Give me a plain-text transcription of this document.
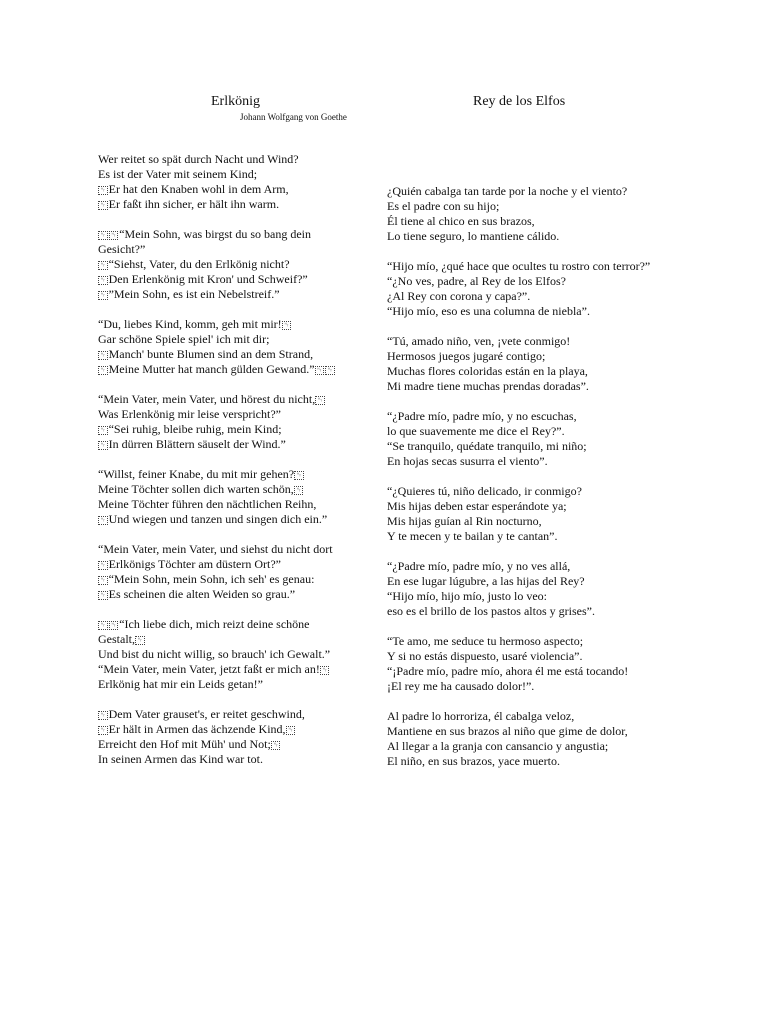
Erlkönig
Johann Wolfgang von Goethe
Rey de los Elfos
Wer reitet so spät durch Nacht und Wind?
Es ist der Vater mit seinem Kind;
␉ Er hat den Knaben wohl in dem Arm,
␉ Er faßt ihn sicher, er hält ihn warm.
␉ ␉ “Mein Sohn, was birgst du so bang dein
Gesicht?”
␉ “Siehst, Vater, du den Erlkönig nicht?
␉ Den Erlenkönig mit Kron' und Schweif?”
␉ ”Mein Sohn, es ist ein Nebelstreif.”
“Du, liebes Kind, komm, geh mit mir! ␉
Gar schöne Spiele spiel' ich mit dir;
␉ Manch' bunte Blumen sind an dem Strand,
␉ Meine Mutter hat manch gülden Gewand.” ␉ ␉
“Mein Vater, mein Vater, und hörest du nicht, ␉
Was Erlenkönig mir leise verspricht?”
␉ “Sei ruhig, bleibe ruhig, mein Kind;
␉ In dürren Blättern säuselt der Wind.”
“Willst, feiner Knabe, du mit mir gehen? ␉
Meine Töchter sollen dich warten schön, ␉
Meine Töchter führen den nächtlichen Reihn,
␉ Und wiegen und tanzen und singen dich ein.”
“Mein Vater, mein Vater, und siehst du nicht dort
␉ Erlkönigs Töchter am düstern Ort?”
␉ “Mein Sohn, mein Sohn, ich seh' es genau:
␉ Es scheinen die alten Weiden so grau.”
␉ ␉ “Ich liebe dich, mich reizt deine schöne
Gestalt, ␉
Und bist du nicht willig, so brauch' ich Gewalt.”
“Mein Vater, mein Vater, jetzt faßt er mich an! ␉
Erlkönig hat mir ein Leids getan!”
␉ Dem Vater grauset's, er reitet geschwind,
␉ Er hält in Armen das ächzende Kind, ␉
Erreicht den Hof mit Müh' und Not; ␉
In seinen Armen das Kind war tot.
¿Quién cabalga tan tarde por la noche y el viento?
Es el padre con su hijo;
Él tiene al chico en sus brazos,
Lo tiene seguro, lo mantiene cálido.
“Hijo mío, ¿qué hace que ocultes tu rostro con terror?”
“¿No ves, padre, al Rey de los Elfos?
¿Al Rey con corona y capa?”.
“Hijo mío, eso es una columna de niebla”.
“Tú, amado niño, ven, ¡vete conmigo!
Hermosos juegos jugaré contigo;
Muchas flores coloridas están en la playa,
Mi madre tiene muchas prendas doradas”.
“¿Padre mío, padre mío, y no escuchas,
lo que suavemente me dice el Rey?”.
“Se tranquilo, quédate tranquilo, mi niño;
En hojas secas susurra el viento”.
“¿Quieres tú, niño delicado, ir conmigo?
Mis hijas deben estar esperándote ya;
Mis hijas guían al Rin nocturno,
Y te mecen y te bailan y te cantan”.
“¿Padre mío, padre mío, y no ves allá,
En ese lugar lúgubre, a las hijas del Rey?
“Hijo mío, hijo mío, justo lo veo:
eso es el brillo de los pastos altos y grises”.
“Te amo, me seduce tu hermoso aspecto;
Y si no estás dispuesto, usaré violencia”.
“¡Padre mío, padre mío, ahora él me está tocando!
¡El rey me ha causado dolor!”.
Al padre lo horroriza, él cabalga veloz,
Mantiene en sus brazos al niño que gime de dolor,
Al llegar a la granja con cansancio y angustia;
El niño, en sus brazos, yace muerto.
